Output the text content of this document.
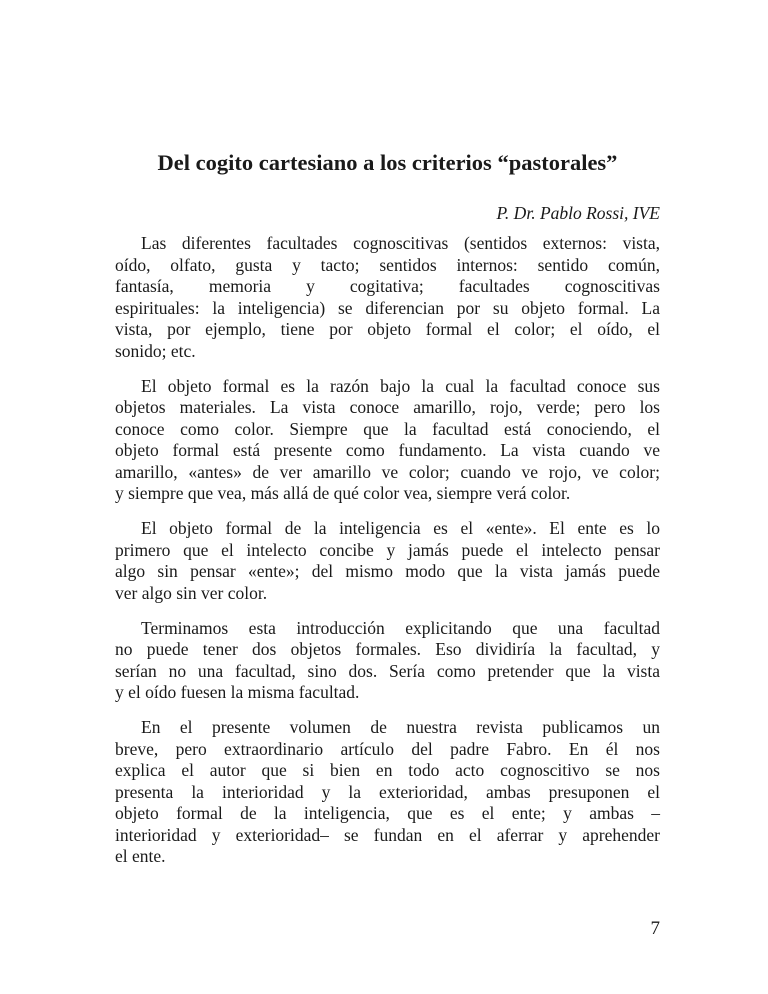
Del cogito cartesiano a los criterios “pastorales”
P. Dr. Pablo Rossi, IVE
Las diferentes facultades cognoscitivas (sentidos externos: vista,
oído, olfato, gusta y tacto; sentidos internos: sentido común,
fantasía, memoria y cogitativa; facultades cognoscitivas
espirituales: la inteligencia) se diferencian por su objeto formal. La
vista, por ejemplo, tiene por objeto formal el color; el oído, el
sonido; etc.
El objeto formal es la razón bajo la cual la facultad conoce sus
objetos materiales. La vista conoce amarillo, rojo, verde; pero los
conoce como color. Siempre que la facultad está conociendo, el
objeto formal está presente como fundamento. La vista cuando ve
amarillo, «antes» de ver amarillo ve color; cuando ve rojo, ve color;
y siempre que vea, más allá de qué color vea, siempre verá color.
El objeto formal de la inteligencia es el «ente». El ente es lo
primero que el intelecto concibe y jamás puede el intelecto pensar
algo sin pensar «ente»; del mismo modo que la vista jamás puede
ver algo sin ver color.
Terminamos esta introducción explicitando que una facultad
no puede tener dos objetos formales. Eso dividiría la facultad, y
serían no una facultad, sino dos. Sería como pretender que la vista
y el oído fuesen la misma facultad.
En el presente volumen de nuestra revista publicamos un
breve, pero extraordinario artículo del padre Fabro. En él nos
explica el autor que si bien en todo acto cognoscitivo se nos
presenta la interioridad y la exterioridad, ambas presuponen el
objeto formal de la inteligencia, que es el ente; y ambas –
interioridad y exterioridad– se fundan en el aferrar y aprehender
el ente.
7
